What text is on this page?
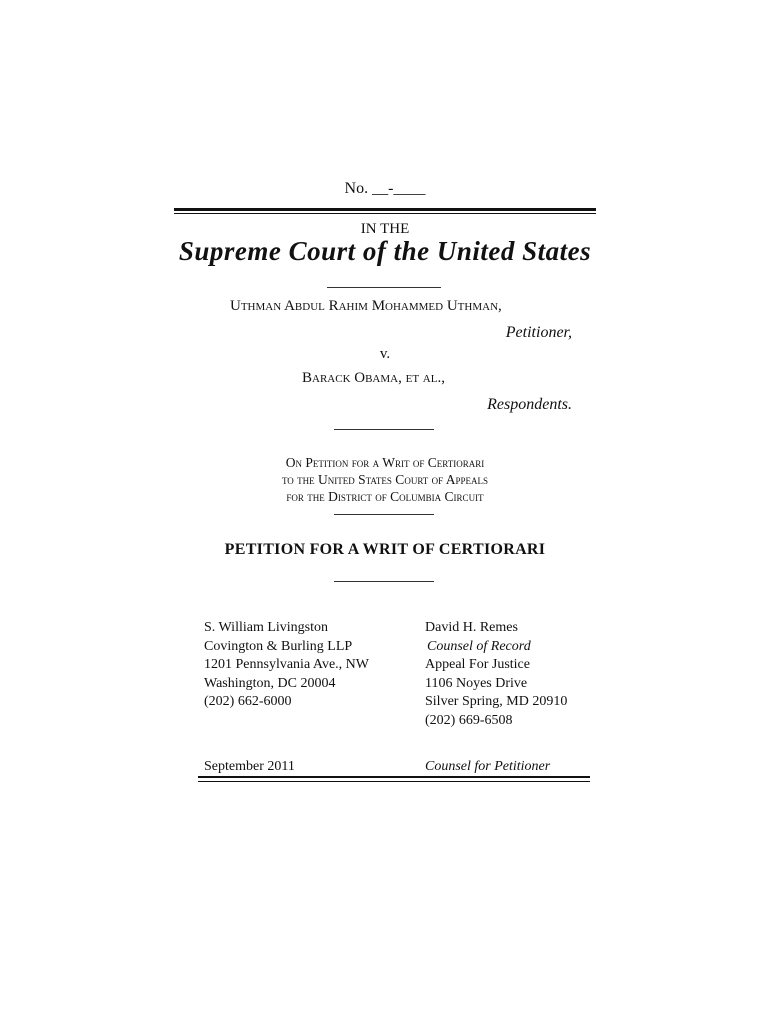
No. __-____
IN THE
Supreme Court of the United States
Uthman Abdul Rahim Mohammed Uthman,
Petitioner,
v.
Barack Obama, et al.,
Respondents.
On Petition for a Writ of Certiorari
to the United States Court of Appeals
for the District of Columbia Circuit
PETITION FOR A WRIT OF CERTIORARI
S. William Livingston
Covington & Burling LLP
1201 Pennsylvania Ave., NW
Washington, DC 20004
(202) 662-6000
David H. Remes
Counsel of Record
Appeal For Justice
1106 Noyes Drive
Silver Spring, MD 20910
(202) 669-6508
September 2011	Counsel for Petitioner
